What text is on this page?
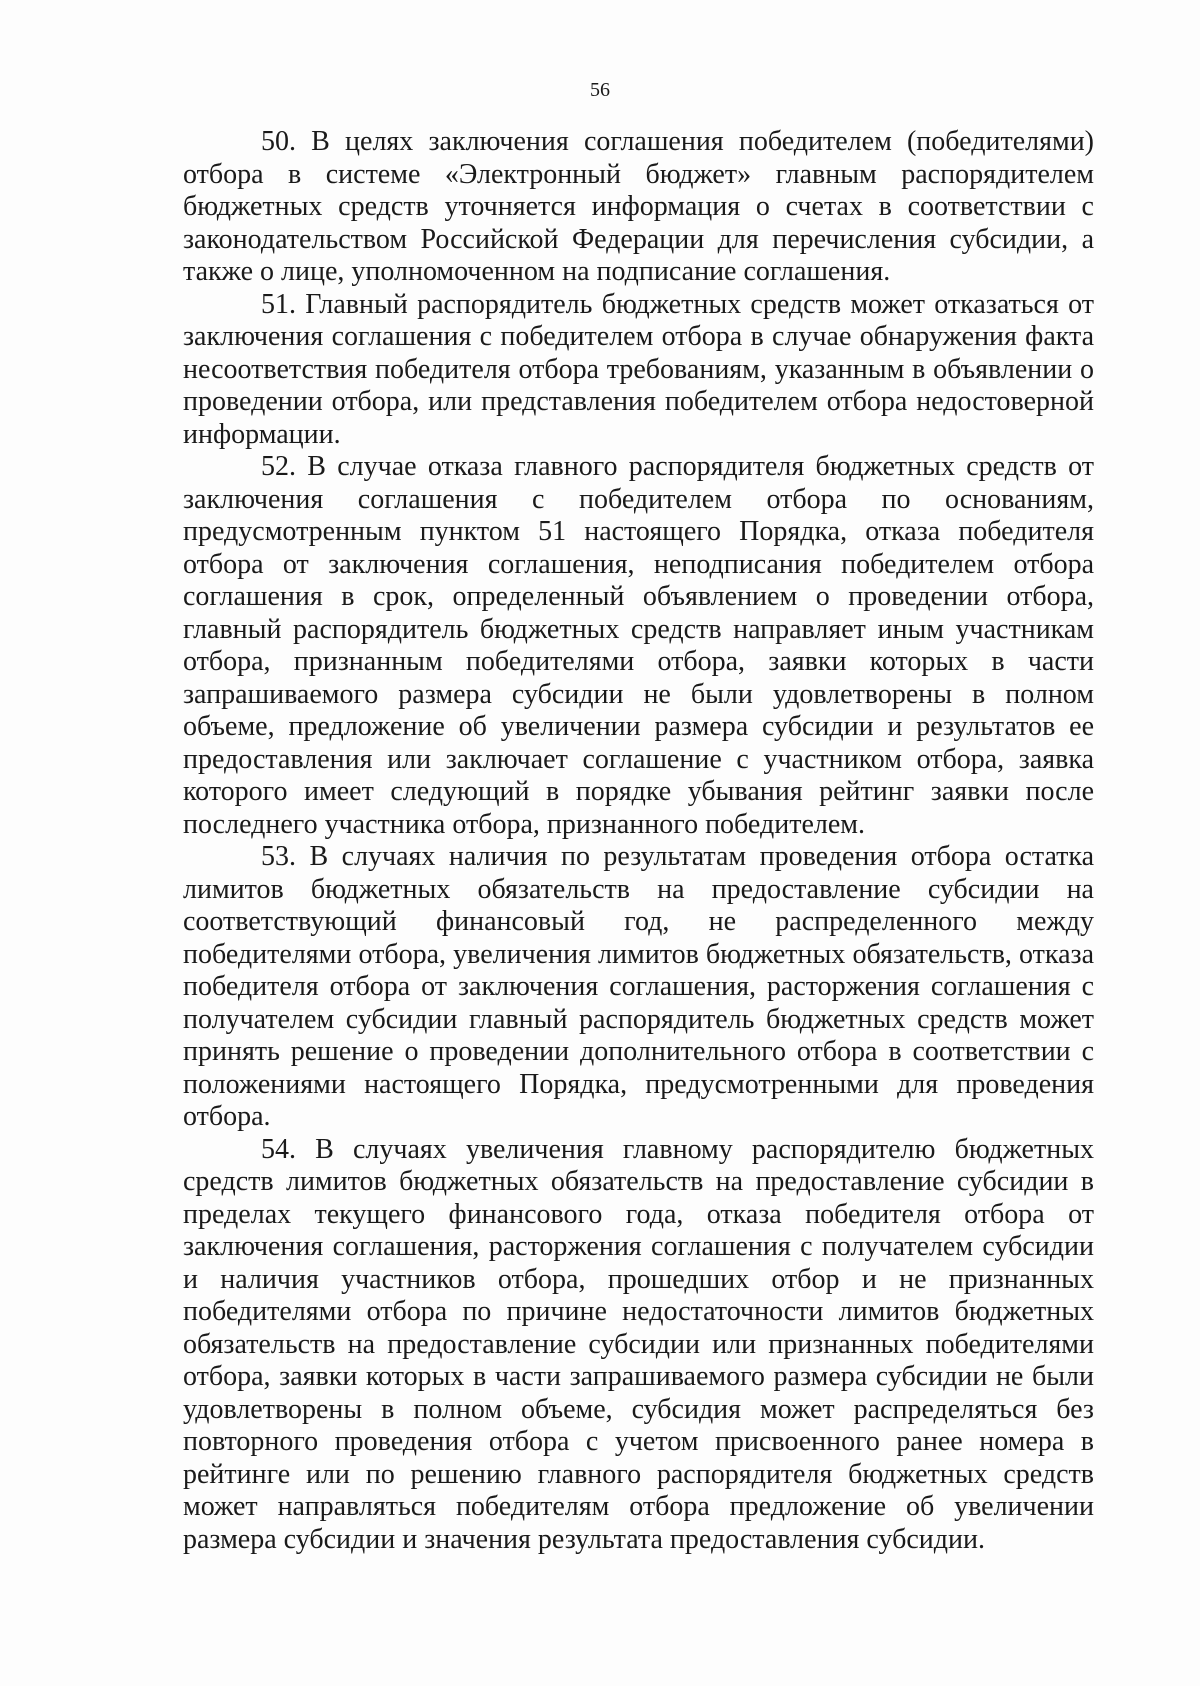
56

50. В целях заключения соглашения победителем (победителями) отбора в системе «Электронный бюджет» главным распорядителем бюджетных средств уточняется информация о счетах в соответствии с законодательством Российской Федерации для перечисления субсидии, а также о лице, уполномоченном на подписание соглашения.

51. Главный распорядитель бюджетных средств может отказаться от заключения соглашения с победителем отбора в случае обнаружения факта несоответствия победителя отбора требованиям, указанным в объявлении о проведении отбора, или представления победителем отбора недостоверной информации.

52. В случае отказа главного распорядителя бюджетных средств от заключения соглашения с победителем отбора по основаниям, предусмотренным пунктом 51 настоящего Порядка, отказа победителя отбора от заключения соглашения, неподписания победителем отбора соглашения в срок, определенный объявлением о проведении отбора, главный распорядитель бюджетных средств направляет иным участникам отбора, признанным победителями отбора, заявки которых в части запрашиваемого размера субсидии не были удовлетворены в полном объеме, предложение об увеличении размера субсидии и результатов ее предоставления или заключает соглашение с участником отбора, заявка которого имеет следующий в порядке убывания рейтинг заявки после последнего участника отбора, признанного победителем.

53. В случаях наличия по результатам проведения отбора остатка лимитов бюджетных обязательств на предоставление субсидии на соответствующий финансовый год, не распределенного между победителями отбора, увеличения лимитов бюджетных обязательств, отказа победителя отбора от заключения соглашения, расторжения соглашения с получателем субсидии главный распорядитель бюджетных средств может принять решение о проведении дополнительного отбора в соответствии с положениями настоящего Порядка, предусмотренными для проведения отбора.

54. В случаях увеличения главному распорядителю бюджетных средств лимитов бюджетных обязательств на предоставление субсидии в пределах текущего финансового года, отказа победителя отбора от заключения соглашения, расторжения соглашения с получателем субсидии и наличия участников отбора, прошедших отбор и не признанных победителями отбора по причине недостаточности лимитов бюджетных обязательств на предоставление субсидии или признанных победителями отбора, заявки которых в части запрашиваемого размера субсидии не были удовлетворены в полном объеме, субсидия может распределяться без повторного проведения отбора с учетом присвоенного ранее номера в рейтинге или по решению главного распорядителя бюджетных средств может направляться победителям отбора предложение об увеличении размера субсидии и значения результата предоставления субсидии.
